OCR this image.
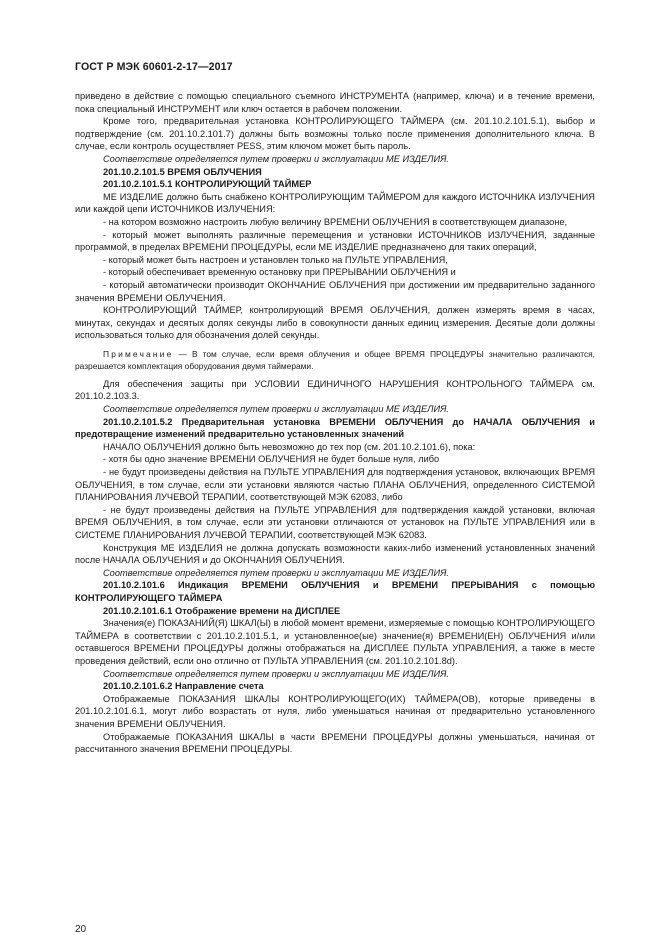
ГОСТ Р МЭК 60601-2-17—2017

приведено в действие с помощью специального съемного ИНСТРУМЕНТА (например, ключа) и в течение времени, пока специальный ИНСТРУМЕНТ или ключ остается в рабочем положении.

Кроме того, предварительная установка КОНТРОЛИРУЮЩЕГО ТАЙМЕРА (см. 201.10.2.101.5.1), выбор и подтверждение (см. 201.10.2.101.7) должны быть возможны только после применения дополнительного ключа. В случае, если контроль осуществляет PESS, этим ключом может быть пароль.

Соответствие определяется путем проверки и эксплуатации МЕ ИЗДЕЛИЯ.

201.10.2.101.5 ВРЕМЯ ОБЛУЧЕНИЯ

201.10.2.101.5.1 КОНТРОЛИРУЮЩИЙ ТАЙМЕР

МЕ ИЗДЕЛИЕ должно быть снабжено КОНТРОЛИРУЮЩИМ ТАЙМЕРОМ для каждого ИСТОЧНИКА ИЗЛУЧЕНИЯ или каждой цепи ИСТОЧНИКОВ ИЗЛУЧЕНИЯ:

- на котором возможно настроить любую величину ВРЕМЕНИ ОБЛУЧЕНИЯ в соответствующем диапазоне,

- который может выполнять различные перемещения и установки ИСТОЧНИКОВ ИЗЛУЧЕНИЯ, заданные программой, в пределах ВРЕМЕНИ ПРОЦЕДУРЫ, если МЕ ИЗДЕЛИЕ предназначено для таких операций,

- который может быть настроен и установлен только на ПУЛЬТЕ УПРАВЛЕНИЯ,

- который обеспечивает временную остановку при ПРЕРЫВАНИИ ОБЛУЧЕНИЯ и

- который автоматически производит ОКОНЧАНИЕ ОБЛУЧЕНИЯ при достижении им предварительно заданного значения ВРЕМЕНИ ОБЛУЧЕНИЯ.

КОНТРОЛИРУЮЩИЙ ТАЙМЕР, контролирующий ВРЕМЯ ОБЛУЧЕНИЯ, должен измерять время в часах, минутах, секундах и десятых долях секунды либо в совокупности данных единиц измерения. Десятые доли должны использоваться только для обозначения долей секунды.

Примечание — В том случае, если время облучения и общее ВРЕМЯ ПРОЦЕДУРЫ значительно различаются, разрешается комплектация оборудования двумя таймерами.

Для обеспечения защиты при УСЛОВИИ ЕДИНИЧНОГО НАРУШЕНИЯ КОНТРОЛЬНОГО ТАЙМЕРА см. 201.10.2.103.3.

Соответствие определяется путем проверки и эксплуатации МЕ ИЗДЕЛИЯ.

201.10.2.101.5.2 Предварительная установка ВРЕМЕНИ ОБЛУЧЕНИЯ до НАЧАЛА ОБЛУЧЕНИЯ и предотвращение изменений предварительно установленных значений

НАЧАЛО ОБЛУЧЕНИЯ должно быть невозможно до тех пор (см. 201.10.2.101.6), пока:

- хотя бы одно значение ВРЕМЕНИ ОБЛУЧЕНИЯ не будет больше нуля, либо

- не будут произведены действия на ПУЛЬТЕ УПРАВЛЕНИЯ для подтверждения установок, включающих ВРЕМЯ ОБЛУЧЕНИЯ, в том случае, если эти установки являются частью ПЛАНА ОБЛУЧЕНИЯ, определенного СИСТЕМОЙ ПЛАНИРОВАНИЯ ЛУЧЕВОЙ ТЕРАПИИ, соответствующей МЭК 62083, либо

- не будут произведены действия на ПУЛЬТЕ УПРАВЛЕНИЯ для подтверждения каждой установки, включая ВРЕМЯ ОБЛУЧЕНИЯ, в том случае, если эти установки отличаются от установок на ПУЛЬТЕ УПРАВЛЕНИЯ или в СИСТЕМЕ ПЛАНИРОВАНИЯ ЛУЧЕВОЙ ТЕРАПИИ, соответствующей МЭК 62083.

Конструкция МЕ ИЗДЕЛИЯ не должна допускать возможности каких-либо изменений установленных значений после НАЧАЛА ОБЛУЧЕНИЯ и до ОКОНЧАНИЯ ОБЛУЧЕНИЯ.

Соответствие определяется путем проверки и эксплуатации МЕ ИЗДЕЛИЯ.

201.10.2.101.6 Индикация ВРЕМЕНИ ОБЛУЧЕНИЯ и ВРЕМЕНИ ПРЕРЫВАНИЯ с помощью КОНТРОЛИРУЮЩЕГО ТАЙМЕРА

201.10.2.101.6.1 Отображение времени на ДИСПЛЕЕ

Значения(е) ПОКАЗАНИЙ(Я) ШКАЛ(Ы) в любой момент времени, измеряемые с помощью КОНТРОЛИРУЮЩЕГО ТАЙМЕРА в соответствии с 201.10.2.101.5.1, и установленное(ые) значение(я) ВРЕМЕНИ(ЕН) ОБЛУЧЕНИЯ и/или оставшегося ВРЕМЕНИ ПРОЦЕДУРЫ должны отображаться на ДИСПЛЕЕ ПУЛЬТА УПРАВЛЕНИЯ, а также в месте проведения действий, если оно отлично от ПУЛЬТА УПРАВЛЕНИЯ (см. 201.10.2.101.8d).

Соответствие определяется путем проверки и эксплуатации МЕ ИЗДЕЛИЯ.

201.10.2.101.6.2 Направление счета

Отображаемые ПОКАЗАНИЯ ШКАЛЫ КОНТРОЛИРУЮЩЕГО(ИХ) ТАЙМЕРА(ОВ), которые приведены в 201.10.2.101.6.1, могут либо возрастать от нуля, либо уменьшаться начиная от предварительно установленного значения ВРЕМЕНИ ОБЛУЧЕНИЯ.

Отображаемые ПОКАЗАНИЯ ШКАЛЫ в части ВРЕМЕНИ ПРОЦЕДУРЫ должны уменьшаться, начиная от рассчитанного значения ВРЕМЕНИ ПРОЦЕДУРЫ.

20
